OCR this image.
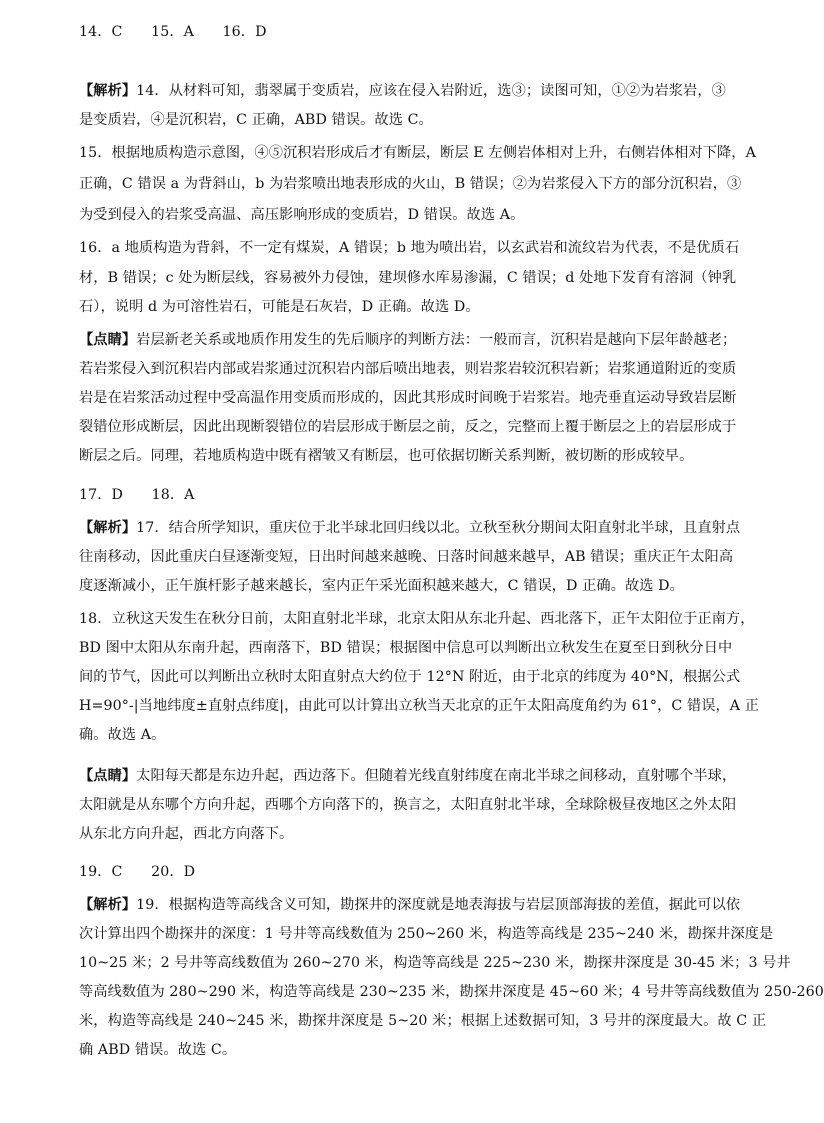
14．C　　15．A　　16．D
【解析】14．从材料可知，翡翠属于变质岩，应该在侵入岩附近，选③；读图可知，①②为岩浆岩，③
是变质岩，④是沉积岩，C 正确，ABD 错误。故选 C。
15．根据地质构造示意图，④⑤沉积岩形成后才有断层，断层 E 左侧岩体相对上升，右侧岩体相对下降，A
正确，C 错误 a 为背斜山，b 为岩浆喷出地表形成的火山，B 错误；②为岩浆侵入下方的部分沉积岩，③
为受到侵入的岩浆受高温、高压影响形成的变质岩，D 错误。故选 A。
16．a 地质构造为背斜，不一定有煤炭，A 错误；b 地为喷出岩，以玄武岩和流纹岩为代表，不是优质石
材，B 错误；c 处为断层线，容易被外力侵蚀，建坝修水库易渗漏，C 错误；d 处地下发育有溶洞（钟乳
石），说明 d 为可溶性岩石，可能是石灰岩，D 正确。故选 D。
【点睛】岩层新老关系或地质作用发生的先后顺序的判断方法：一般而言，沉积岩是越向下层年龄越老；
若岩浆侵入到沉积岩内部或岩浆通过沉积岩内部后喷出地表，则岩浆岩较沉积岩新；岩浆通道附近的变质
岩是在岩浆活动过程中受高温作用变质而形成的，因此其形成时间晚于岩浆岩。地壳垂直运动导致岩层断
裂错位形成断层，因此出现断裂错位的岩层形成于断层之前，反之，完整而上覆于断层之上的岩层形成于
断层之后。同理，若地质构造中既有褶皱又有断层，也可依据切断关系判断，被切断的形成较早。
17．D　　18．A
【解析】17．结合所学知识，重庆位于北半球北回归线以北。立秋至秋分期间太阳直射北半球，且直射点
往南移动，因此重庆白昼逐渐变短，日出时间越来越晚、日落时间越来越早，AB 错误；重庆正午太阳高
度逐渐减小，正午旗杆影子越来越长，室内正午采光面积越来越大，C 错误，D 正确。故选 D。
18．立秋这天发生在秋分日前，太阳直射北半球，北京太阳从东北升起、西北落下，正午太阳位于正南方，
BD 图中太阳从东南升起，西南落下，BD 错误；根据图中信息可以判断出立秋发生在夏至日到秋分日中
间的节气，因此可以判断出立秋时太阳直射点大约位于 12°N 附近，由于北京的纬度为 40°N，根据公式
H=90°-|当地纬度±直射点纬度|，由此可以计算出立秋当天北京的正午太阳高度角约为 61°，C 错误，A 正
确。故选 A。
【点睛】太阳每天都是东边升起，西边落下。但随着光线直射纬度在南北半球之间移动，直射哪个半球，
太阳就是从东哪个方向升起，西哪个方向落下的，换言之，太阳直射北半球，全球除极昼夜地区之外太阳
从东北方向升起，西北方向落下。
19．C　　20．D
【解析】19．根据构造等高线含义可知，勘探井的深度就是地表海拔与岩层顶部海拔的差值，据此可以依
次计算出四个勘探井的深度：1 号井等高线数值为 250~260 米，构造等高线是 235~240 米，勘探井深度是
10~25 米；2 号井等高线数值为 260~270 米，构造等高线是 225~230 米，勘探井深度是 30-45 米；3 号井
等高线数值为 280~290 米，构造等高线是 230~235 米，勘探井深度是 45~60 米；4 号井等高线数值为 250-260
米，构造等高线是 240~245 米，勘探井深度是 5~20 米；根据上述数据可知，3 号井的深度最大。故 C 正
确 ABD 错误。故选 C。
